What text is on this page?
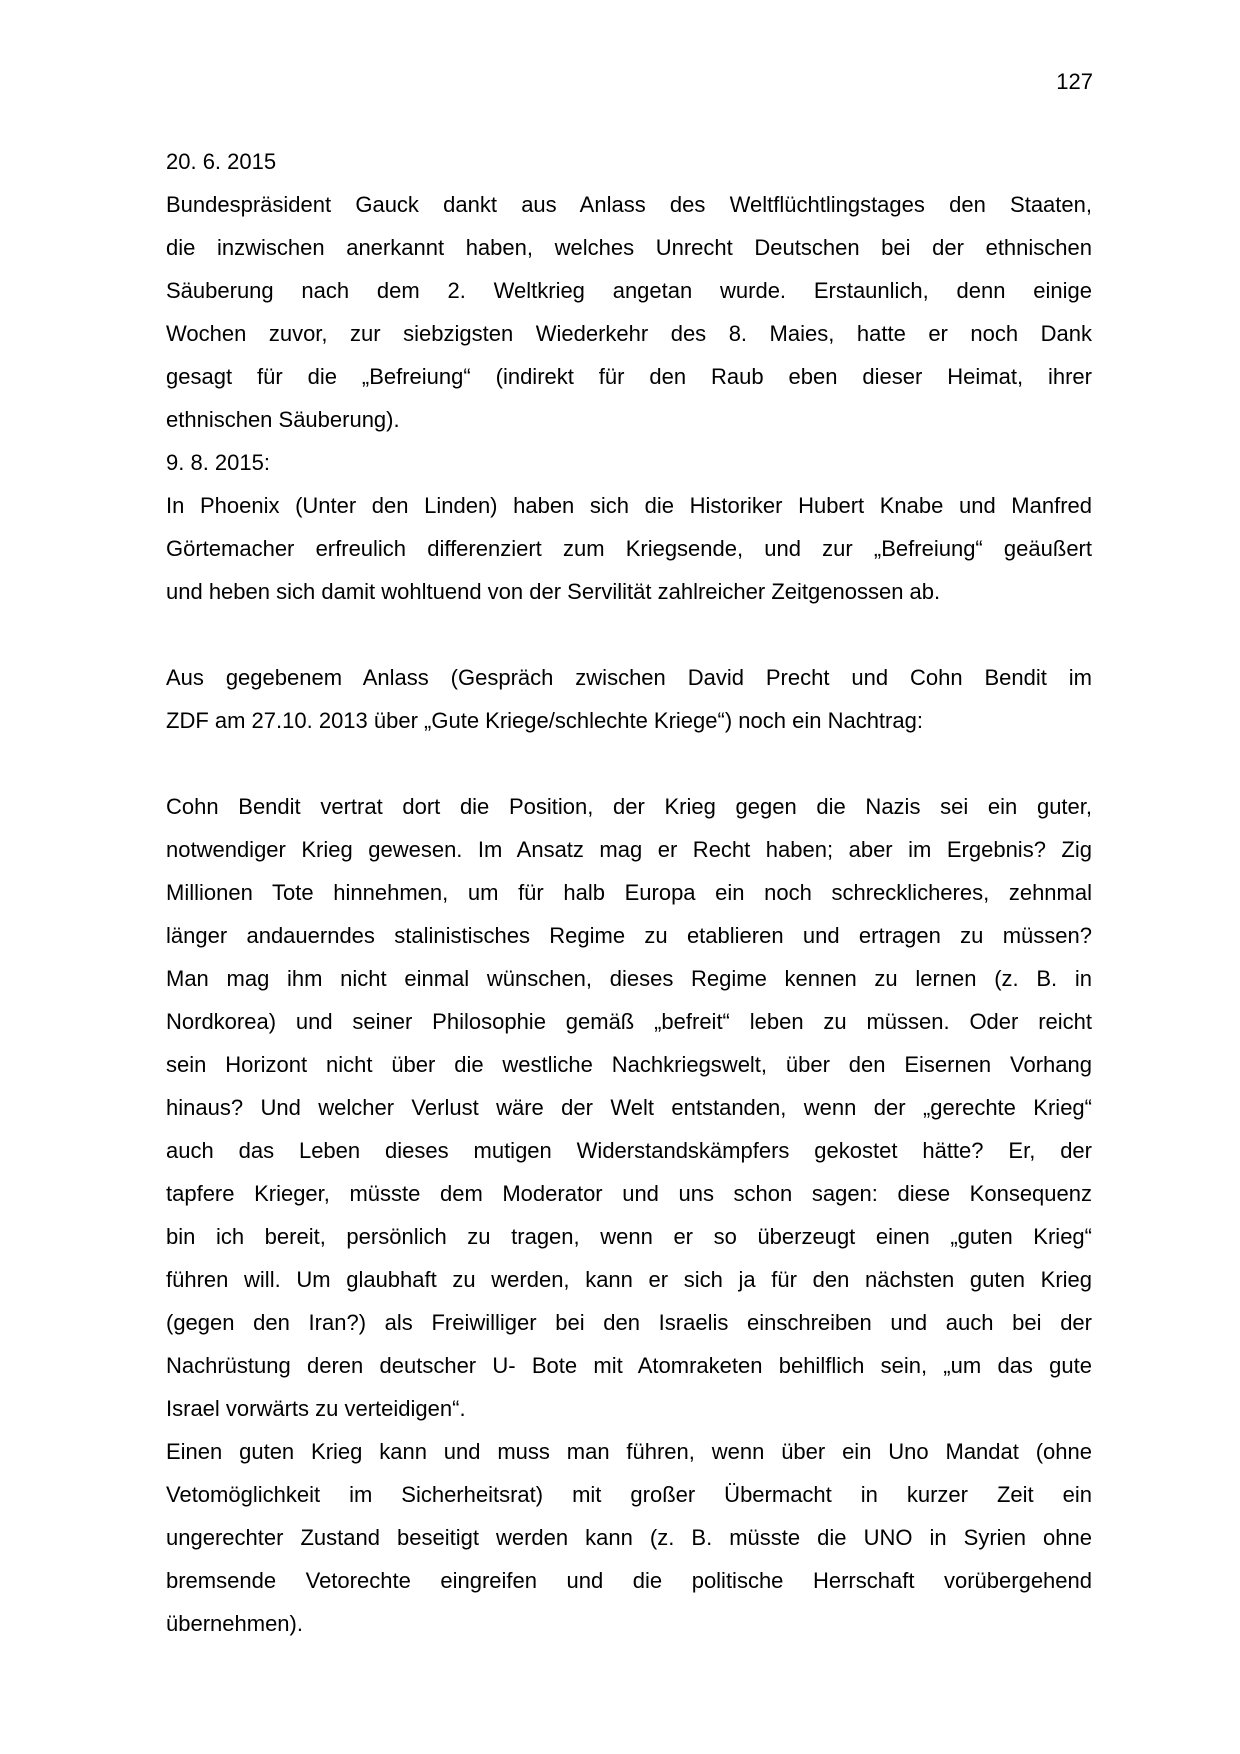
127
20. 6. 2015
Bundespräsident Gauck dankt aus Anlass des Weltflüchtlingstages den Staaten,
die inzwischen anerkannt haben, welches Unrecht Deutschen bei der ethnischen
Säuberung nach dem 2. Weltkrieg angetan wurde. Erstaunlich, denn einige
Wochen zuvor, zur siebzigsten Wiederkehr des 8. Maies, hatte er noch Dank
gesagt für die „Befreiung“ (indirekt für den Raub eben dieser Heimat, ihrer
ethnischen Säuberung).
9. 8. 2015:
In Phoenix (Unter den Linden) haben sich die Historiker Hubert Knabe und Manfred
Görtemacher erfreulich differenziert zum Kriegsende, und zur „Befreiung“ geäußert
und heben sich damit wohltuend von der Servilität zahlreicher Zeitgenossen ab.
Aus gegebenem Anlass (Gespräch zwischen David Precht und Cohn Bendit im
ZDF am 27.10. 2013 über „Gute Kriege/schlechte Kriege“) noch ein Nachtrag:
Cohn Bendit vertrat dort die Position, der Krieg gegen die Nazis sei ein guter,
notwendiger Krieg gewesen. Im Ansatz mag er Recht haben; aber im Ergebnis? Zig
Millionen Tote hinnehmen, um für halb Europa ein noch schrecklicheres, zehnmal
länger andauerndes stalinistisches Regime zu etablieren und ertragen zu müssen?
Man mag ihm nicht einmal wünschen, dieses Regime kennen zu lernen (z. B. in
Nordkorea) und seiner Philosophie gemäß „befreit“ leben zu müssen. Oder reicht
sein Horizont nicht über die westliche Nachkriegswelt, über den Eisernen Vorhang
hinaus? Und welcher Verlust wäre der Welt entstanden, wenn der „gerechte Krieg“
auch das Leben dieses mutigen Widerstandskämpfers gekostet hätte? Er, der
tapfere Krieger, müsste dem Moderator und uns schon sagen: diese Konsequenz
bin ich bereit, persönlich zu tragen, wenn er so überzeugt einen „guten Krieg“
führen will. Um glaubhaft zu werden, kann er sich ja für den nächsten guten Krieg
(gegen den Iran?) als Freiwilliger bei den Israelis einschreiben und auch bei der
Nachrüstung deren deutscher U- Bote mit Atomraketen behilflich sein, „um das gute
Israel vorwärts zu verteidigen“.
Einen guten Krieg kann und muss man führen, wenn über ein Uno Mandat (ohne
Vetomöglichkeit im Sicherheitsrat) mit großer Übermacht in kurzer Zeit ein
ungerechter Zustand beseitigt werden kann (z. B. müsste die UNO in Syrien ohne
bremsende Vetorechte eingreifen und die politische Herrschaft vorübergehend
übernehmen).
